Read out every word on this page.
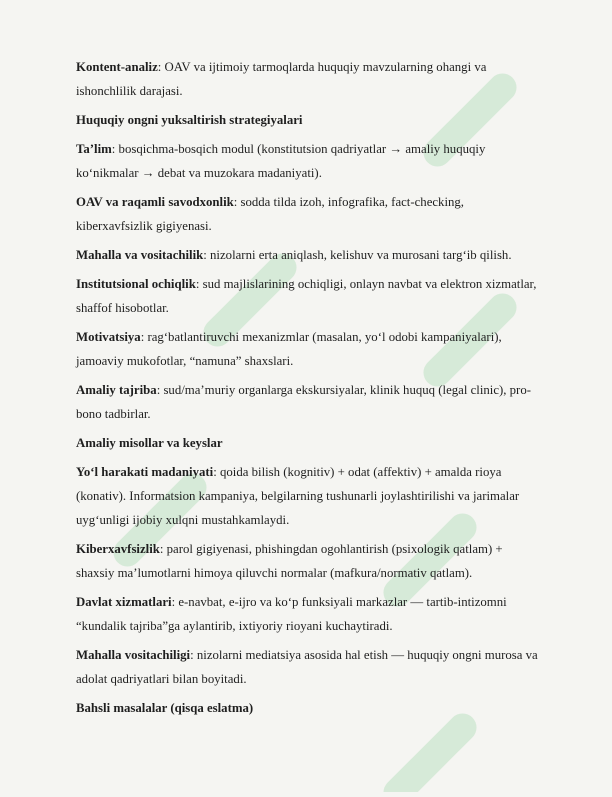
Kontent-analiz: OAV va ijtimoiy tarmoqlarda huquqiy mavzularning ohangi va ishonchlilik darajasi.

Huquqiy ongni yuksaltirish strategiyalari

Ta’lim: bosqichma-bosqich modul (konstitutsion qadriyatlar → amaliy huquqiy ko‘nikmalar → debat va muzokara madaniyati).

OAV va raqamli savodxonlik: sodda tilda izoh, infografika, fact-checking, kiberxavfsizlik gigiyenasi.

Mahalla va vositachilik: nizolarni erta aniqlash, kelishuv va murosani targ‘ib qilish.

Institutsional ochiqlik: sud majlislarining ochiqligi, onlayn navbat va elektron xizmatlar, shaffof hisobotlar.

Motivatsiya: rag‘batlantiruvchi mexanizmlar (masalan, yo‘l odobi kampaniyalari), jamoaviy mukofotlar, “namuna” shaxslari.

Amaliy tajriba: sud/ma’muriy organlarga ekskursiyalar, klinik huquq (legal clinic), pro-bono tadbirlar.

Amaliy misollar va keyslar

Yo‘l harakati madaniyati: qoida bilish (kognitiv) + odat (affektiv) + amalda rioya (konativ). Informatsion kampaniya, belgilarning tushunarli joylashtirilishi va jarimalar uyg‘unligi ijobiy xulqni mustahkamlaydi.

Kiberxavfsizlik: parol gigiyenasi, phishingdan ogohlantirish (psixologik qatlam) + shaxsiy ma’lumotlarni himoya qiluvchi normalar (mafkura/normativ qatlam).

Davlat xizmatlari: e-navbat, e-ijro va ko‘p funksiyali markazlar — tartib-intizomni “kundalik tajriba”ga aylantirib, ixtiyoriy rioyani kuchaytiradi.

Mahalla vositachiligi: nizolarni mediatsiya asosida hal etish — huquqiy ongni murosa va adolat qadriyatlari bilan boyitadi.

Bahsli masalalar (qisqa eslatma)
